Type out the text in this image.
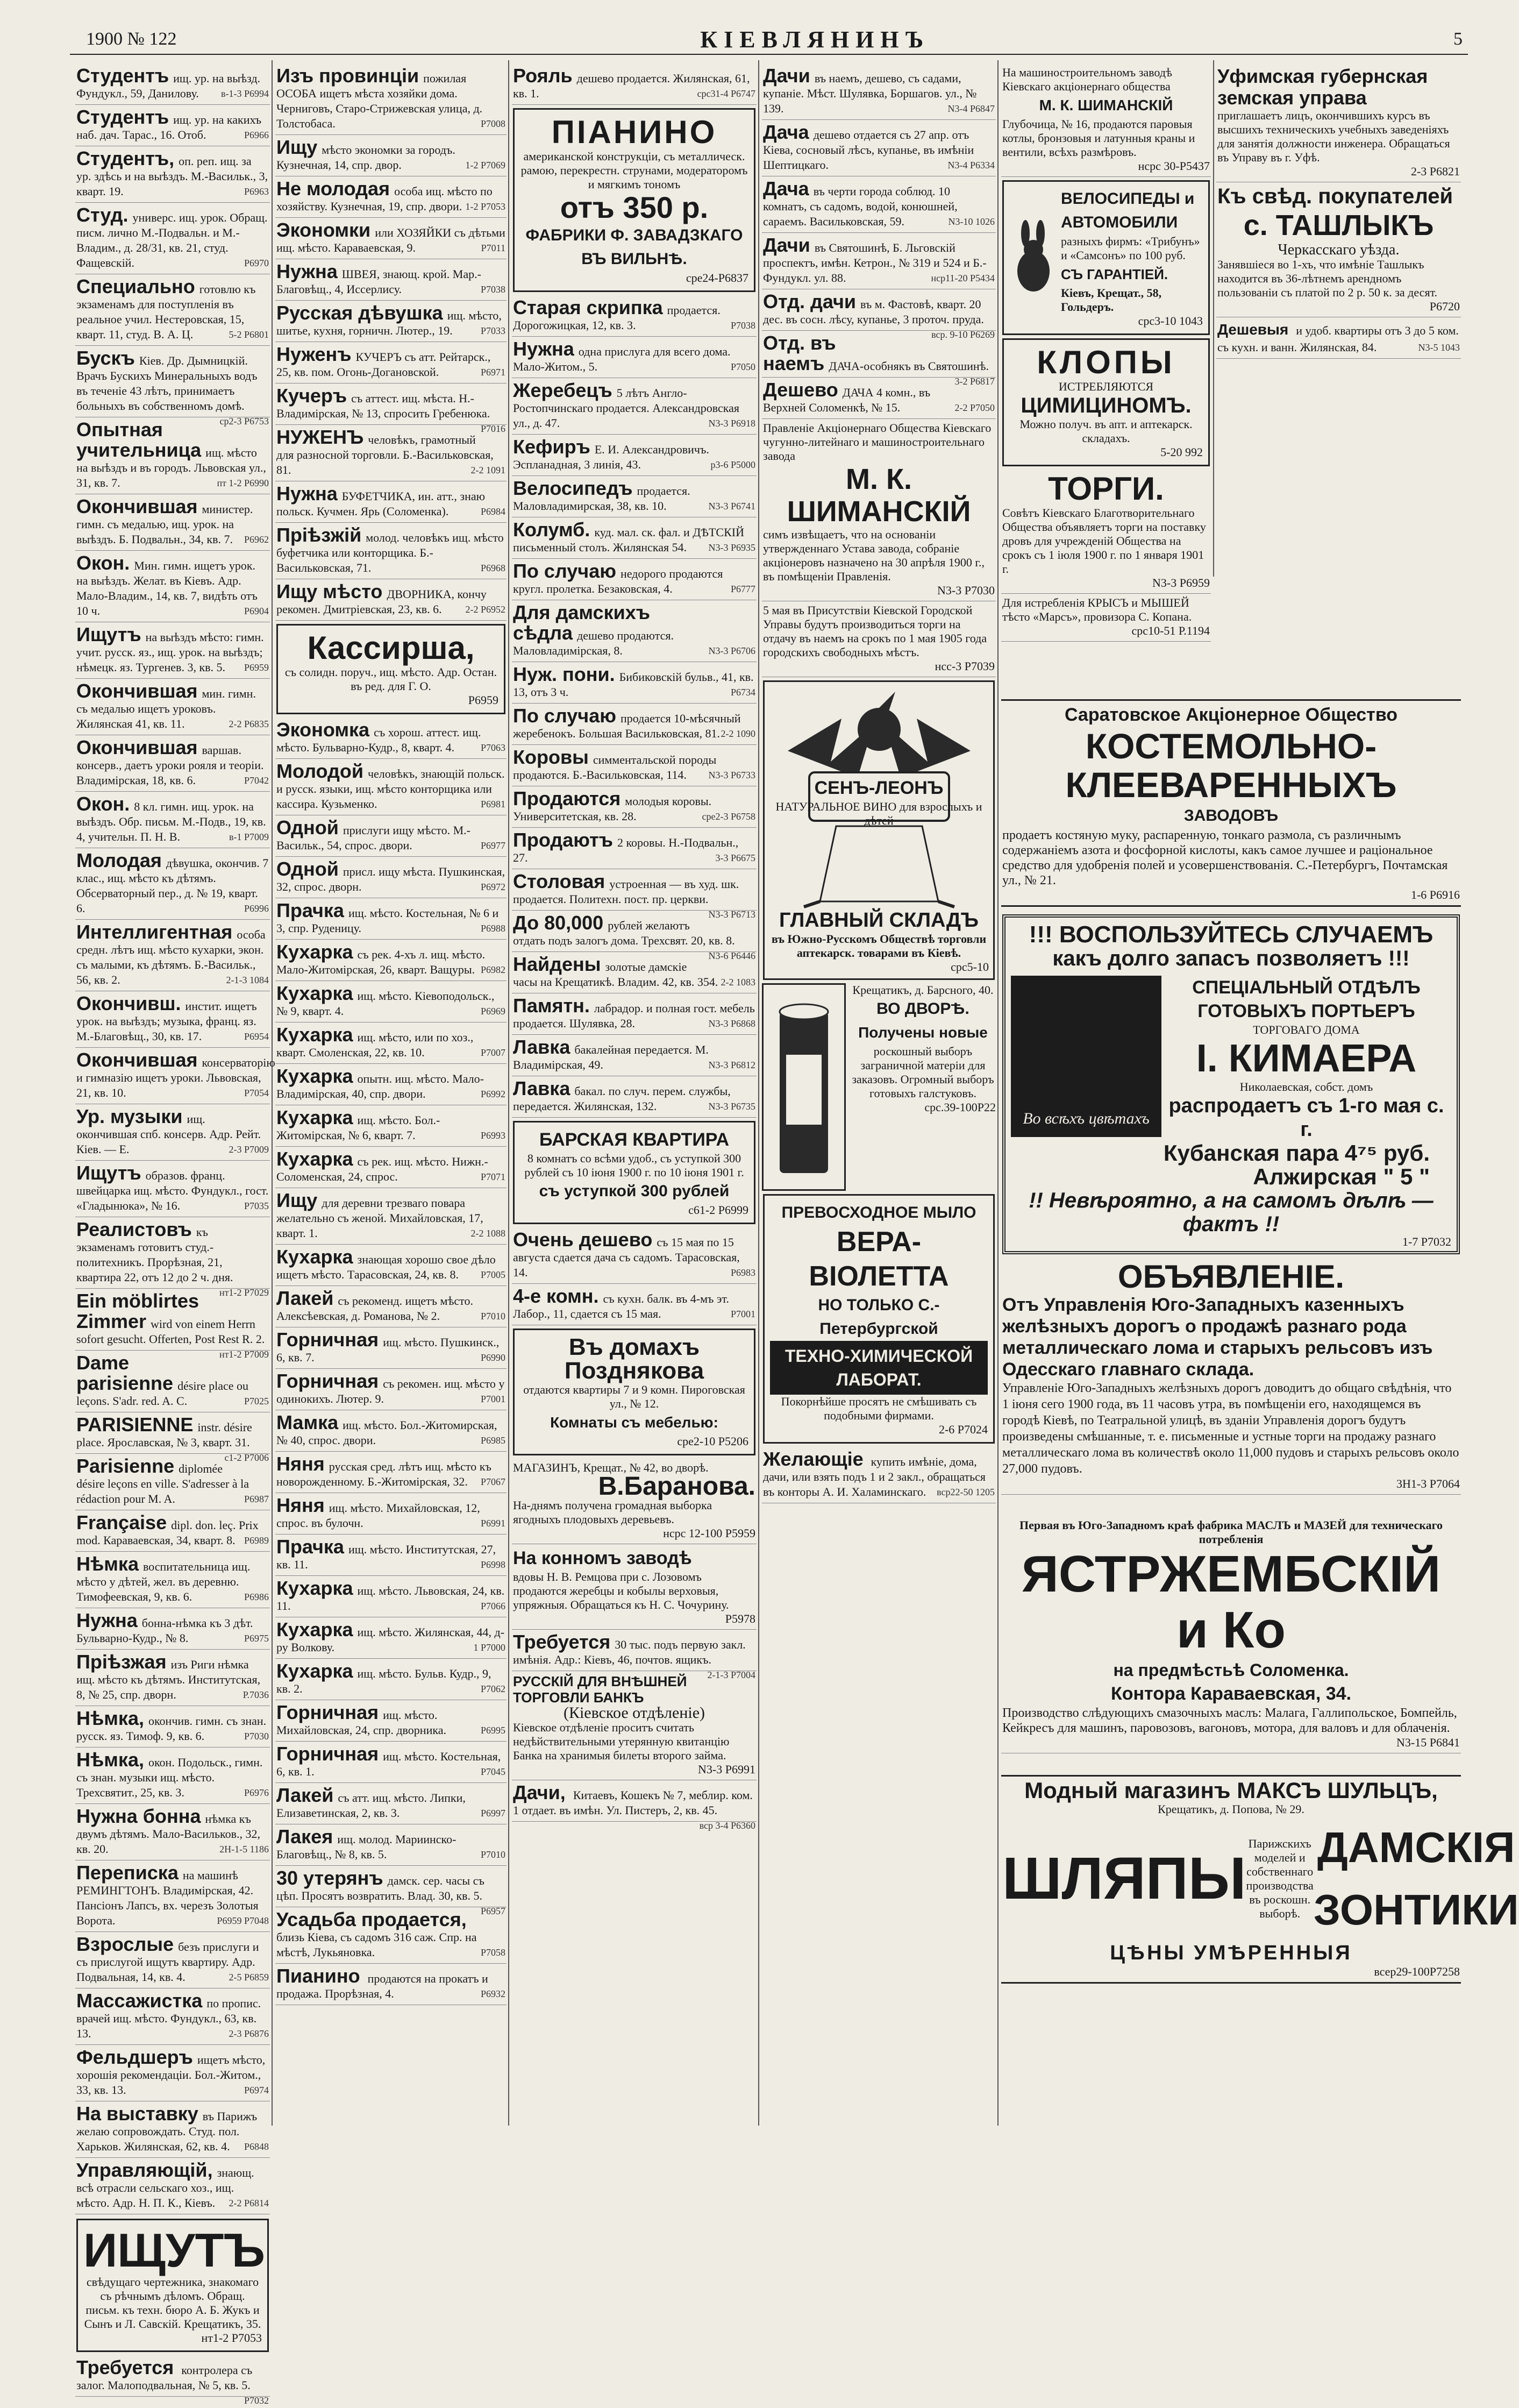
1900 № 122	КІЕВЛЯНИНЪ	5
Студентъ ищ. ур. на выѣзд. Фундукл., 59, Данилову. в-1-3 Р6994
Студентъ ищ. ур. на какихъ наб. дач. Тарас., 16. Отоб.	Р6966
Студентъ, оп. реп. ищ. за ур. здѣсь и на выѣздъ. М.-Васильк., 3, кварт. 19.	Р6963
Студ. универс. ищ. урок. Обращ. писм. лично М.-Подвальн. и М.-Владим., д. 28/31, кв. 21, студ. Фащевскій.	Р6970
Специально готовлю къ экзаменамъ для поступленія въ реальное учил. Нестеровская, 15, кварт. 11, студ. В. А. Ц.	5-2 Р6801
Бускъ Кіев. Др. Дымницкій. Врачъ Бускихъ Минеральныхъ водъ въ теченіе 43 лѣтъ, принимаетъ больныхъ въ собственномъ домѣ.
ср2-3 Р6753
Опытная учительница ищ. мѣсто на выѣздъ и въ городъ. Львовская ул., 31, кв. 7.	пт 1-2 Р6990
Окончившая министер. гимн. съ медалью, ищ. урок. на выѣздъ. Б. Подвальн., 34, кв. 7. Р6962
Окон. Мин. гимн. ищетъ урок. на выѣздъ. Желат. въ Кіевъ. Адр. Мало-Владим., 14, кв. 7, видѣть отъ 10 ч.	Р6904
Ищутъ на выѣздъ мѣсто: гимн. учит. русск. яз., ищ. урок. на выѣздъ; нѣмецк. яз. Тургенев. 3, кв. 5. Р6959
Окончившая мин. гимн. съ медалью ищетъ уроковъ. Жилянская 41, кв. 11.	2-2 Р6835
Окончившая варшав. консерв., даетъ уроки рояля и теоріи. Владимірская, 18, кв. 6.	Р7042
Окон. 8 кл. гимн. ищ. урок. на выѣздъ. Обр. письм. М.-Подв., 19, кв. 4, учительн. П. Н. В.	в-1 Р7009
Молодая дѣвушка, окончив. 7 клас., ищ. мѣсто къ дѣтямъ. Обсерваторный пер., д. № 19, кварт. 6.	Р6996
Интеллигентная особа средн. лѣтъ ищ. мѣсто кухарки, экон. съ малыми, къ дѣтямъ. Б.-Васильк., 56, кв. 2.	2-1-3 1084
Окончивш. инстит. ищетъ урок. на выѣздъ; музыка, франц. яз. М.-Благовѣщ., 30, кв. 17.	Р6954
Окончившая консерваторію и гимназію ищетъ уроки. Львовская, 21, кв. 10.	Р7054
Ур. музыки ищ. окончившая спб. консерв. Адр. Рейт. Кіев. — Е.	2-3 Р7009
Ищутъ образов. франц. швейцарка ищ. мѣсто. Фундукл., гост. «Гладынюка», № 16.	Р7035
Реалистовъ къ экзаменамъ готовитъ студ.-политехникъ. Прорѣзная, 21, квартира 22, отъ 12 до 2 ч. дня.
нт1-2 Р7029
Ein möblirtes Zimmer wird von einem Herrn sofort gesucht. Offerten, Post Rest R. 2.
нт1-2 Р7009
Dame parisienne désire place ou leçons. S'adr. red. A. C.	Р7025
PARISIENNE instr. désire place. Ярославская, № 3, кварт. 31.
с1-2 Р7006
Parisienne diplomée désire leçons en ville. S'adresser à la rédaction pour M. A.	Р6987
Française dipl. don. leç. Prix mod. Караваевская, 34, кварт. 8. Р6989
Нѣмка воспитательница ищ. мѣсто у дѣтей, жел. въ деревню. Тимофеевская, 9, кв. 6.	Р6986
Нужна бонна-нѣмка къ 3 дѣт. Бульварно-Кудр., № 8.	Р6975
Пріѣзжая изъ Риги нѣмка ищ. мѣсто къ дѣтямъ. Институтская, 8, № 25, спр. дворн.	Р.7036
Нѣмка, окончив. гимн. съ знан. русск. яз. Тимоф. 9, кв. 6.	Р7030
Нѣмка, окон. Подольск., гимн. съ знан. музыки ищ. мѣсто. Трехсвятит., 25, кв. 3.	Р6976
Нужна бонна нѣмка къ двумъ дѣтямъ. Мало-Васильков., 32, кв. 20.	2Н-1-5 1186
Переписка на машинѣ РЕМИНГТОНЪ. Владимірская, 42. Пансіонъ Лапсъ, вх. черезъ Золотыя Ворота.	Р6959 Р7048
Взрослые безъ прислуги и съ прислугой ищутъ квартиру. Адр. Подвальная, 14, кв. 4.	2-5 Р6859
Массажистка по пропис. врачей ищ. мѣсто. Фундукл., 63, кв. 13.	2-3 Р6876
Фельдшеръ ищетъ мѣсто, хорошія рекомендаціи. Бол.-Житом., 33, кв. 13.	Р6974
На выставку въ Парижъ желаю сопровождать. Студ. пол. Харьков. Жилянская, 62, кв. 4. Р6848
Управляющій, знающ. всѣ отрасли сельскаго хоз., ищ. мѣсто. Адр. Н. П. К., Кіевъ. 2-2 Р6814
ИЩУТЪ
свѣдущаго чертежника, знакомаго съ рѣчнымъ дѣломъ. Обращ. письм. къ техн. бюро А. Б. Жукъ и Сынъ и Л. Савскій. Крещатикъ, 35.
нт1-2 Р7053
Требуется контролера съ залог. Малоподвальная, № 5, кв. 5.
Р7032
Изъ провинціи пожилая ОСОБА ищетъ мѣста хозяйки дома. Черниговъ, Старо-Стрижевская улица, д. Толстобаса.	Р7008
Ищу мѣсто экономки за городъ. Кузнечная, 14, спр. двор.	1-2 Р7069
Не молодая особа ищ. мѣсто по хозяйству. Кузнечная, 19, спр. двори. 1-2 Р7053
Экономки или ХОЗЯЙКИ съ дѣтьми ищ. мѣсто. Караваевская, 9.	Р7011
Нужна ШВЕЯ, знающ. крой. Мар.-Благовѣщ., 4, Иссерлису.	Р7038
Русская дѣвушка ищ. мѣсто, шитье, кухня, горничн. Лютер., 19.	Р7033
Нуженъ КУЧЕРЪ съ атт. Рейтарск., 25, кв. пом. Огонь-Догановской.	Р6971
Кучеръ съ аттест. ищ. мѣста. Н.-Владимірская, № 13, спросить Гребенюка.
Р7016
НУЖЕНЪ человѣкъ, грамотный для разносной торговли. Б.-Васильковская, 81.	2-2 1091
Нужна БУФЕТЧИКА, ин. атт., знаю польск. Кучмен. Ярь (Соломенка).	Р6984
Пріѣзжій молод. человѣкъ ищ. мѣсто буфетчика или конторщика. Б.-Васильковская, 71.	Р6968
Ищу мѣсто ДВОРНИКА, кончу рекомен. Дмитріевская, 23, кв. 6. 2-2 Р6952
Кассирша,
съ солидн. поруч., ищ. мѣсто. Адр. Остан. въ ред. для Г. О.
Р6959
Экономка съ хорош. аттест. ищ. мѣсто. Бульварно-Кудр., 8, кварт. 4.	Р7063
Молодой человѣкъ, знающій польск. и русск. языки, ищ. мѣсто конторщика или кассира. Кузьменко.	Р6981
Одной прислуги ищу мѣсто. М.-Васильк., 54, спрос. двори.	Р6977
Одной присл. ищу мѣста. Пушкинская, 32, спрос. дворн.	Р6972
Прачка ищ. мѣсто. Костельная, № 6 и 3, спр. Руденицу.	Р6988
Кухарка съ рек. 4-хъ л. ищ. мѣсто. Мало-Житомірская, 26, кварт. Ващуры. Р6982
Кухарка ищ. мѣсто. Кіевоподольск., № 9, кварт. 4.	Р6969
Кухарка ищ. мѣсто, или по хоз., кварт. Смоленская, 22, кв. 10.	Р7007
Кухарка опытн. ищ. мѣсто. Мало-Владимірская, 40, спр. двори.	Р6992
Кухарка ищ. мѣсто. Бол.-Житомірская, № 6, кварт. 7.	Р6993
Кухарка съ рек. ищ. мѣсто. Нижн.-Соломенская, 24, спрос.	Р7071
Ищу для деревни трезваго повара желательно съ женой. Михайловская, 17, кварт. 1.	2-2 1088
Кухарка знающая хорошо свое дѣло ищетъ мѣсто. Тарасовская, 24, кв. 8. Р7005
Лакей съ рекоменд. ищетъ мѣсто. Алексѣевская, д. Романова, № 2.	Р7010
Горничная ищ. мѣсто. Пушкинск., 6, кв. 7.	Р6990
Горничная съ рекомен. ищ. мѣсто у одинокихъ. Лютер. 9.	Р7001
Мамка ищ. мѣсто. Бол.-Житомирская, № 40, спрос. двори.	Р6985
Няня русская сред. лѣтъ ищ. мѣсто къ новорожденному. Б.-Житомірская, 32. Р7067
Няня ищ. мѣсто. Михайловская, 12, спрос. въ булочн.	Р6991
Прачка ищ. мѣсто. Институтская, 27, кв. 11.	Р6998
Кухарка ищ. мѣсто. Львовская, 24, кв. 11.	Р7066
Кухарка ищ. мѣсто. Жилянская, 44, д-ру Волкову.	1 Р7000
Кухарка ищ. мѣсто. Бульв. Кудр., 9, кв. 2.	Р7062
Горничная ищ. мѣсто. Михайловская, 24, спр. дворника.	Р6995
Горничная ищ. мѣсто. Костельная, 6, кв. 1.	Р7045
Лакей съ атт. ищ. мѣсто. Липки, Елизаветинская, 2, кв. 3.	Р6997
Лакея ищ. молод. Мариинско-Благовѣщ., № 8, кв. 5.	Р7010
30 утерянъ дамск. сер. часы съ цѣп. Просятъ возвратить. Влад. 30, кв. 5.
Р6957
Усадьба продается, близь Кіева, съ садомъ 316 саж. Спр. на мѣстѣ, Лукьяновка.	Р7058
Пианино продаются на прокатъ и продажа. Прорѣзная, 4.	Р6932
Рояль дешево продается. Жилянская, 61, кв. 1.	срс31-4 Р6747
ПІАНИНО
американской конструкціи, съ металлическ. рамою, перекрестн. струнами, модераторомъ и мягкимъ тономъ
отъ 350 р.
ФАБРИКИ Ф. ЗАВАДЗКАГО
ВЪ ВИЛЬНѢ.
сре24-Р6837
Старая скрипка продается. Дорогожицкая, 12, кв. 3.	Р7038
Нужна одна прислуга для всего дома. Мало-Житом., 5.	Р7050
Жеребецъ 5 лѣтъ Англо-Ростопчинскаго продается. Александровская ул., д. 47.	N3-3 Р6918
Кефиръ Е. И. Александровичъ. Эспланадная, 3 линія, 43.	р3-6 Р5000
Велосипедъ продается. Маловладимирская, 38, кв. 10.	N3-3 Р6741
Колумб. куд. мал. ск. фал. и ДѢТСКІЙ письменный столъ. Жилянская 54. N3-3 Р6935
По случаю недорого продаются кругл. пролетка. Безаковская, 4.	Р6777
Для дамскихъ сѣдла дешево продаются. Маловладимірская, 8.	N3-3 Р6706
Нуж. пони. Бибиковскій бульв., 41, кв. 13, отъ 3 ч.	Р6734
По случаю продается 10-мѣсячный жеребенокъ. Большая Васильковская, 81. 2-2 1090
Коровы симментальской породы продаются. Б.-Васильковская, 114. N3-3 Р6733
Продаются молодыя коровы. Университетская, кв. 28.	сре2-3 Р6758
Продаютъ 2 коровы. Н.-Подвальн., 27.	3-3 Р6675
Столовая устроенная — въ худ. шк. продается. Политехн. пост. пр. церкви.
N3-3 Р6713
До 80,000 рублей желаютъ отдать подъ залогъ дома. Трехсвят. 20, кв. 8.
N3-6 Р6446
Найдены золотые дамскіе часы на Крещатикѣ. Владим. 42, кв. 354. 2-2 1083
Памятн. лабрадор. и полная гост. мебель продается. Шулявка, 28.	N3-3 Р6868
Лавка бакалейная передается. М. Владимірская, 49.	N3-3 Р6812
Лавка бакал. по случ. перем. службы, передается. Жилянская, 132.	N3-3 Р6735
БАРСКАЯ КВАРТИРА
8 комнатъ со всѣми удоб., съ уступкой 300 рублей съ 10 іюня 1900 г. по 10 іюня 1901 г.
съ уступкой 300 рублей
с61-2 Р6999
Очень дешево съ 15 мая по 15 августа сдается дача съ садомъ. Тарасовская, 14.	Р6983
4-е комн. съ кухн. балк. въ 4-мъ эт. Лабор., 11, сдается съ 15 мая.	Р7001
Въ домахъ Позднякова
отдаются квартиры 7 и 9 комн. Пироговская ул., № 12.
Комнаты съ мебелью:
сре2-10 Р5206
МАГАЗИНЪ, Крещат., № 42, во дворѣ.
В.Баранова.
На-днямъ получена громадная выборка ягодныхъ плодовыхъ деревьевъ.
нсрс 12-100 Р5959
На конномъ заводѣ
вдовы Н. В. Ремцова при с. Лозовомъ продаются жеребцы и кобылы верховыя, упряжныя. Обращаться къ Н. С. Чочурину.
Р5978
Требуется 30 тыс. подъ первую закл. имѣнія. Адр.: Кіевъ, 46, почтов. ящикъ.
2-1-3 Р7004
РУССКІЙ ДЛЯ ВНѢШНЕЙ ТОРГОВЛИ БАНКЪ
(Кіевское отдѣленіе)
Кіевское отдѣленіе проситъ считать недѣйствительными утерянную квитанцію Банка на хранимыя билеты второго займа.
N3-3 Р6991
Дачи, Китаевъ, Кошекъ № 7, меблир. ком. 1 отдает. въ имѣн. Ул. Пистеръ, 2, кв. 45.
вср 3-4 Р6360
Дачи въ наемъ, дешево, съ садами, купаніе. Мѣст. Шулявка, Боршагов. ул., № 139.	N3-4 Р6847
Дача дешево отдается съ 27 апр. отъ Кіева, сосновый лѣсъ, купанье, въ имѣніи Шептицкаго.	N3-4 Р6334
Дача въ черти города соблюд. 10 комнатъ, съ садомъ, водой, конюшней, сараемъ. Васильковская, 59.	N3-10 1026
Дачи въ Святошинѣ, Б. Льговскій проспектъ, имѣн. Кетрон., № 319 и 524 и Б.-Фундукл. ул. 88.	нср11-20 Р5434
Отд. дачи въ м. Фастовѣ, кварт. 20 дес. въ сосн. лѣсу, купанье, 3 проточ. пруда.
вср. 9-10 Р6269
Отд. въ наемъ ДАЧА-особнякъ въ Святошинѣ.
3-2 Р6817
Дешево ДАЧА 4 комн., въ Верхней Соломенкѣ, № 15.	2-2 Р7050
Правленіе Акціонернаго Общества Кіевскаго чугунно-литейнаго и машиностроительнаго завода
М. К. ШИМАНСКІЙ
симъ извѣщаетъ, что на основаніи утвержденнаго Устава завода, собраніе акціонеровъ назначено на 30 апрѣля 1900 г., въ помѣщеніи Правленія.
N3-3 Р7030
5 мая въ Присутствіи Кіевской Городской Управы будутъ производиться торги на отдачу въ наемъ на срокъ по 1 мая 1905 года городскихъ свободныхъ мѣстъ.
нсс-3 Р7039
СЕНЪ-ЛЕОНЪ
НАТУРАЛЬНОЕ ВИНО для взрослыхъ и дѣтей
ГЛАВНЫЙ СКЛАДЪ
въ Южно-Русскомъ Обществѣ торговли аптекарск. товарами въ Кіевѣ.
срс5-10
Крещатикъ, д. Барсного, 40.
ВО ДВОРѢ.
Получены новые
роскошный выборъ заграничной матеріи для заказовъ. Огромный выборъ готовыхъ галстуковъ.
срс.39-100Р22
ПРЕВОСХОДНОЕ МЫЛО
ВЕРА-ВІОЛЕТТА
НО ТОЛЬКО С.-Петербургской
ТЕХНО-ХИМИЧЕСКОЙ ЛАБОРАТ.
Покорнѣйше просятъ не смѣшивать съ подобными фирмами.
2-6 Р7024
Желающіе купить имѣніе, дома, дачи, или взять подъ 1 и 2 закл., обращаться въ конторы А. И. Халаминскаго. вср22-50 1205
На машиностроительномъ заводѣ Кіевскаго акціонернаго общества
М. К. ШИМАНСКІЙ
Глубочица, № 16, продаются паровыя котлы, бронзовыя и латунныя краны и вентили, всѣхъ размѣровъ.
нсрс 30-Р5437
ВЕЛОСИПЕДЫ и АВТОМОБИЛИ
разныхъ фирмъ: «Трибунъ» и «Самсонъ» по 100 руб.
СЪ ГАРАНТІЕЙ.
Кіевъ, Крещат., 58, Гольдеръ.
срс3-10 1043
КЛОПЫ
ИСТРЕБЛЯЮТСЯ
ЦИМИЦИНОМЪ.
Можно получ. въ апт. и аптекарск. складахъ.
5-20 992
ТОРГИ.
Совѣтъ Кіевскаго Благотворительнаго Общества объявляетъ торги на поставку дровъ для учрежденій Общества на срокъ съ 1 іюля 1900 г. по 1 января 1901 г.
N3-3 Р6959
Для истребленія КРЫСЪ и МЫШЕЙ тѣсто «Марсъ», провизора С. Копана.
срс10-51 Р.1194
Уфимская губернская земская управа
приглашаетъ лицъ, окончившихъ курсъ въ высшихъ техническихъ учебныхъ заведеніяхъ для занятія должности инженера. Обращаться въ Управу въ г. Уфѣ.
2-3 Р6821
Къ свѣд. покупателей
с. ТАШЛЫКЪ
Черкасскаго уѣзда.
Занявшіеся во 1-хъ, что имѣніе Ташлыкъ находится въ 36-лѣтнемъ арендномъ пользованіи съ платой по 2 р. 50 к. за десят.
Р6720
Дешевыя и удоб. квартиры отъ 3 до 5 ком. съ кухн. и ванн. Жилянская, 84.	N3-5 1043
Саратовское Акціонерное Общество
КОСТЕМОЛЬНО-КЛЕЕВАРЕННЫХЪ
ЗАВОДОВЪ
продаетъ костяную муку, распаренную, тонкаго размола, съ различнымъ содержаніемъ азота и фосфорной кислоты, какъ самое лучшее и раціональное средство для удобренія полей и усовершенствованія. С.-Петербургъ, Почтамская ул., № 21.
1-6 Р6916
!!! ВОСПОЛЬЗУЙТЕСЬ СЛУЧАЕМЪ
какъ долго запасъ позволяетъ !!!
Во всѣхъ цвѣтахъ
СПЕЦІАЛЬНЫЙ ОТДѢЛЪ ГОТОВЫХЪ ПОРТЬЕРЪ
ТОРГОВАГО ДОМА
І. КИМАЕРА
Николаевская, собст. домъ
распродаетъ съ 1-го мая с. г.
Кубанская пара 4⁷⁵ руб.
Алжирская " 5 "
!! Невѣроятно, а на самомъ дѣлѣ — фактъ !!
1-7 Р7032
ОБЪЯВЛЕНІЕ.
Отъ Управленія Юго-Западныхъ казенныхъ желѣзныхъ дорогъ о продажѣ разнаго рода металлическаго лома и старыхъ рельсовъ изъ Одесскаго главнаго склада.
Управленіе Юго-Западныхъ желѣзныхъ дорогъ доводитъ до общаго свѣдѣнія, что 1 іюня сего 1900 года, въ 11 часовъ утра, въ помѣщеніи его, находящемся въ городѣ Кіевѣ, по Театральной улицѣ, въ зданіи Управленія дорогъ будутъ произведены смѣшанные, т. е. письменные и устные торги на продажу разнаго металлическаго лома въ количествѣ около 11,000 пудовъ и старыхъ рельсовъ около 27,000 пудовъ.
3Н1-3 Р7064
Первая въ Юго-Западномъ краѣ фабрика МАСЛЪ и МАЗЕЙ для техническаго потребленія
ЯСТРЖЕМБСКІЙ и Ко
на предмѣстьѣ Соломенка.
Контора Караваевская, 34.
Производство слѣдующихъ смазочныхъ маслъ: Малага, Галлипольское, Бомпейль, Кейкресъ для машинъ, паровозовъ, вагоновъ, мотора, для валовъ и для облаченія.
N3-15 Р6841
Модный магазинъ МАКСЪ ШУЛЬЦЪ,
Крещатикъ, д. Попова, № 29.
ШЛЯПЫ
Парижскихъ моделей и собственнаго производства въ роскошн. выборѣ.
ДАМСКІЯ ЗОНТИКИ
ЦѢНЫ УМѢРЕННЫЯ
всер29-100Р7258
